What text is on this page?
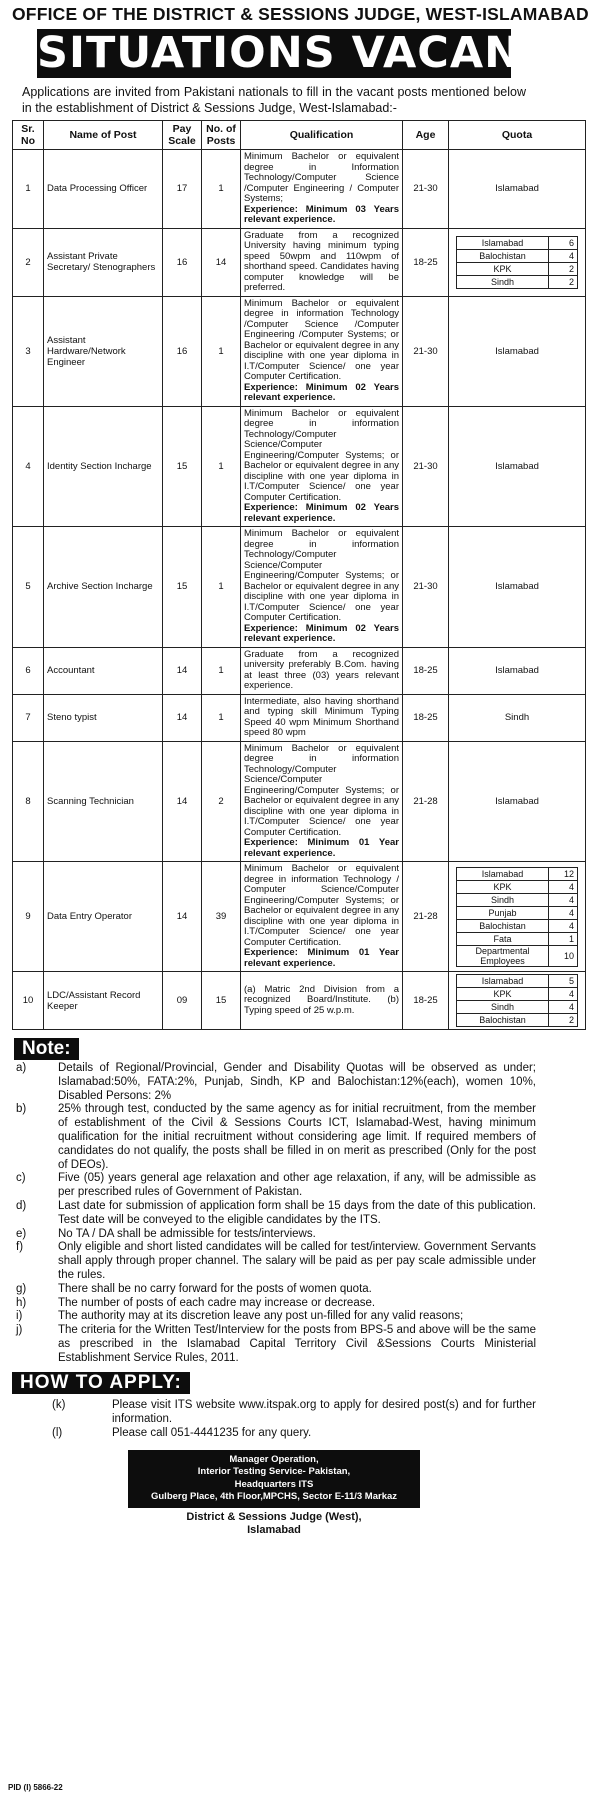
OFFICE OF THE DISTRICT & SESSIONS JUDGE, WEST-ISLAMABAD
SITUATIONS VACANT
Applications are invited from Pakistani nationals to fill in the vacant posts mentioned below in the establishment of District & Sessions Judge, West-Islamabad:-
Sr. No	Name of Post	Pay Scale	No. of Posts	Qualification	Age	Quota
1	Data Processing Officer	17	1	Minimum Bachelor or equivalent degree in Information Technology/Computer Science /Computer Engineering / Computer Systems;
Experience: Minimum 03 Years relevant experience.
	21-30	Islamabad
2	Assistant Private Secretary/ Stenographers	16	14	Graduate from a recognized University having minimum typing speed 50wpm and 110wpm of shorthand speed. Candidates having computer knowledge will be preferred.	18-25	
Islamabad	6
Balochistan	4
KPK	2
Sindh	2

3	Assistant Hardware/Network Engineer	16	1	Minimum Bachelor or equivalent degree in information Technology /Computer Science /Computer Engineering /Computer Systems; or Bachelor or equivalent degree in any discipline with one year diploma in I.T/Computer Science/ one year Computer Certification.
Experience: Minimum 02 Years relevant experience.
	21-30	Islamabad
4	Identity Section Incharge	15	1	Minimum Bachelor or equivalent degree in information Technology/Computer Science/Computer Engineering/Computer Systems; or Bachelor or equivalent degree in any discipline with one year diploma in I.T/Computer Science/ one year Computer Certification.
Experience: Minimum 02 Years relevant experience.
	21-30	Islamabad
5	Archive Section Incharge	15	1	Minimum Bachelor or equivalent degree in information Technology/Computer Science/Computer Engineering/Computer Systems; or Bachelor or equivalent degree in any discipline with one year diploma in I.T/Computer Science/ one year Computer Certification.
Experience: Minimum 02 Years relevant experience.
	21-30	Islamabad
6	Accountant	14	1	Graduate from a recognized university preferably B.Com. having at least three (03) years relevant experience.	18-25	Islamabad
7	Steno typist	14	1	Intermediate, also having shorthand and typing skill Minimum Typing Speed 40 wpm Minimum Shorthand speed 80 wpm	18-25	Sindh
8	Scanning Technician	14	2	Minimum Bachelor or equivalent degree in information Technology/Computer Science/Computer Engineering/Computer Systems; or Bachelor or equivalent degree in any discipline with one year diploma in I.T/Computer Science/ one year Computer Certification.
Experience: Minimum 01 Year relevant experience.
	21-28	Islamabad
9	Data Entry Operator	14	39	Minimum Bachelor or equivalent degree in information Technology / Computer Science/Computer Engineering/Computer Systems; or Bachelor or equivalent degree in any discipline with one year diploma in I.T/Computer Science/ one year Computer Certification.
Experience: Minimum 01 Year relevant experience.
	21-28	
Islamabad	12
KPK	4
Sindh	4
Punjab	4
Balochistan	4
Fata	1
Departmental Employees	10

10	LDC/Assistant Record Keeper	09	15	(a) Matric 2nd Division from a recognized Board/Institute. (b) Typing speed of 25 w.p.m.	18-25	
Islamabad	5
KPK	4
Sindh	4
Balochistan	2
Note:
a)	Details of Regional/Provincial, Gender and Disability Quotas will be observed as under; Islamabad:50%, FATA:2%, Punjab, Sindh, KP and Balochistan:12%(each), women 10%, Disabled Persons: 2%
b)	25% through test, conducted by the same agency as for initial recruitment, from the member of establishment of the Civil & Sessions Courts ICT, Islamabad-West, having minimum qualification for the initial recruitment without considering age limit. If required members of candidates do not qualify, the posts shall be filled in on merit as prescribed (Only for the post of DEOs).
c)	Five (05) years general age relaxation and other age relaxation, if any, will be admissible as per prescribed rules of Government of Pakistan.
d)	Last date for submission of application form shall be 15 days from the date of this publication. Test date will be conveyed to the eligible candidates by the ITS.
e)	No TA / DA shall be admissible for tests/interviews.
f)	Only eligible and short listed candidates will be called for test/interview. Government Servants shall apply through proper channel. The salary will be paid as per pay scale admissible under the rules.
g)	There shall be no carry forward for the posts of women quota.
h)	The number of posts of each cadre may increase or decrease.
i)	The authority may at its discretion leave any post un-filled for any valid reasons;
j)	The criteria for the Written Test/Interview for the posts from BPS-5 and above will be the same as prescribed in the Islamabad Capital Territory Civil &Sessions Courts Ministerial Establishment Service Rules, 2011.
HOW TO APPLY:
(k)	Please visit ITS website www.itspak.org to apply for desired post(s) and for further information.
(l)	Please call 051-4441235 for any query.
Manager Operation,
Interior Testing Service- Pakistan,
Headquarters ITS
Gulberg Place, 4th Floor,MPCHS, Sector E-11/3 Markaz
District & Sessions Judge (West),
Islamabad
PID (I) 5866-22
